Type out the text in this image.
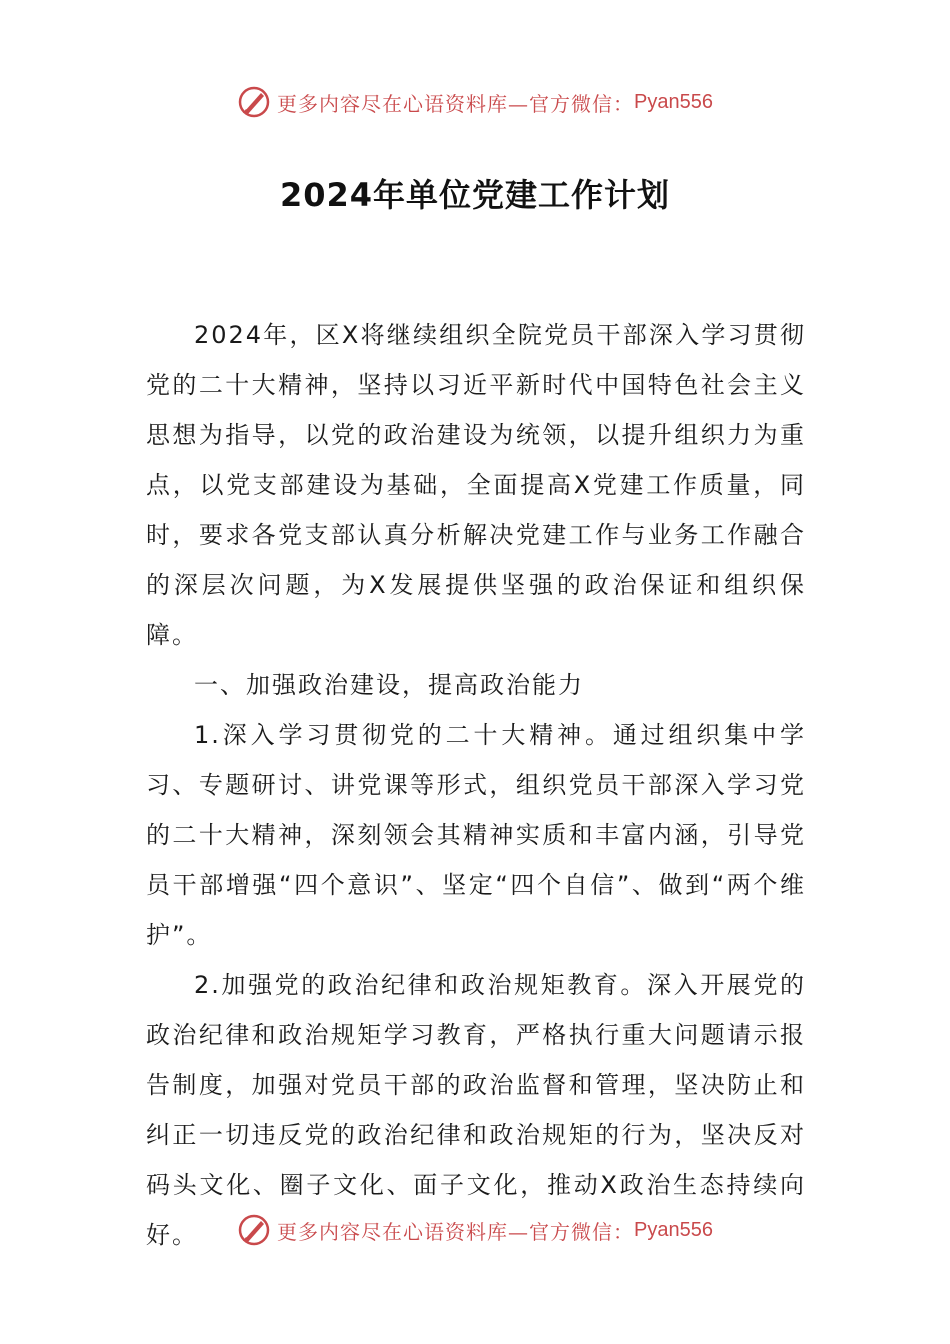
更多内容尽在心语资料库—官方微信： Pyan556
2024年单位党建工作计划

2024年，区X将继续组织全院党员干部深入学习贯彻党的二十大精神，坚持以习近平新时代中国特色社会主义思想为指导，以党的政治建设为统领，以提升组织力为重点，以党支部建设为基础，全面提高X党建工作质量，同时，要求各党支部认真分析解决党建工作与业务工作融合的深层次问题，为X发展提供坚强的政治保证和组织保障。

一、加强政治建设，提高政治能力

1.深入学习贯彻党的二十大精神。通过组织集中学习、专题研讨、讲党课等形式，组织党员干部深入学习党的二十大精神，深刻领会其精神实质和丰富内涵，引导党员干部增强“四个意识”、坚定“四个自信”、做到“两个维护”。

2.加强党的政治纪律和政治规矩教育。深入开展党的政治纪律和政治规矩学习教育，严格执行重大问题请示报告制度，加强对党员干部的政治监督和管理，坚决防止和纠正一切违反党的政治纪律和政治规矩的行为，坚决反对码头文化、圈子文化、面子文化，推动X政治生态持续向好。	更多内容尽在心语资料库—官方微信： Pyan556
